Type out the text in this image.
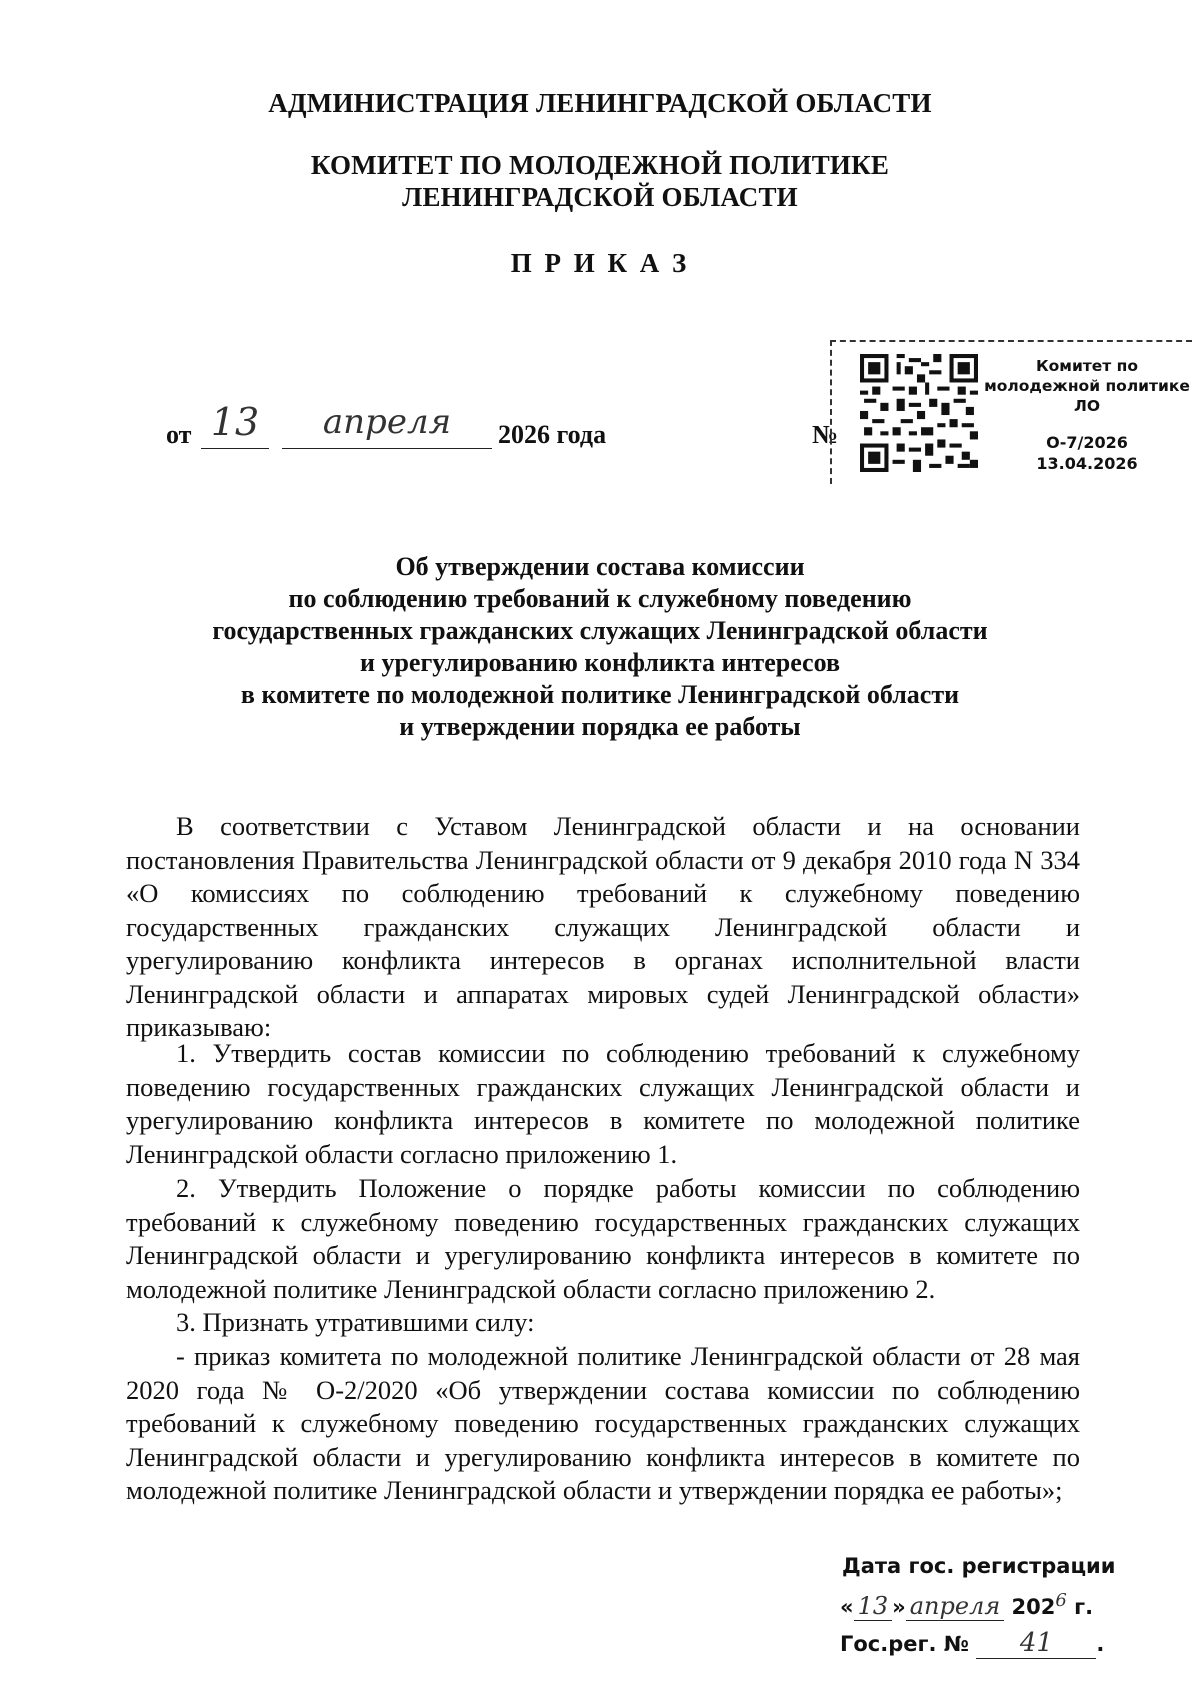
АДМИНИСТРАЦИЯ ЛЕНИНГРАДСКОЙ ОБЛАСТИ
КОМИТЕТ ПО МОЛОДЕЖНОЙ ПОЛИТИКЕ
ЛЕНИНГРАДСКОЙ ОБЛАСТИ
П Р И К А З
от 13	апреля	2026 года	№
Комитет по
молодежной политике
ЛО
О-7/2026
13.04.2026
Об утверждении состава комиссии
по соблюдению требований к служебному поведению
государственных гражданских служащих Ленинградской области
и урегулированию конфликта интересов
в комитете по молодежной политике Ленинградской области
и утверждении порядка ее работы
В соответствии с Уставом Ленинградской области и на основании постановления Правительства Ленинградской области от 9 декабря 2010 года N 334 «О комиссиях по соблюдению требований к служебному поведению государственных гражданских служащих Ленинградской области и урегулированию конфликта интересов в органах исполнительной власти Ленинградской области и аппаратах мировых судей Ленинградской области» приказываю:
1. Утвердить состав комиссии по соблюдению требований к служебному поведению государственных гражданских служащих Ленинградской области и урегулированию конфликта интересов в комитете по молодежной политике Ленинградской области согласно приложению 1.
2. Утвердить Положение о порядке работы комиссии по соблюдению требований к служебному поведению государственных гражданских служащих Ленинградской области и урегулированию конфликта интересов в комитете по молодежной политике Ленинградской области согласно приложению 2.
3. Признать утратившими силу:
- приказ комитета по молодежной политике Ленинградской области от 28 мая 2020 года № О-2/2020 «Об утверждении состава комиссии по соблюдению требований к служебному поведению государственных гражданских служащих Ленинградской области и урегулированию конфликта интересов в комитете по молодежной политике Ленинградской области и утверждении порядка ее работы»;
Дата гос. регистрации
« 13 » апреля 2026 г.
Гос.рег. № 41 .
